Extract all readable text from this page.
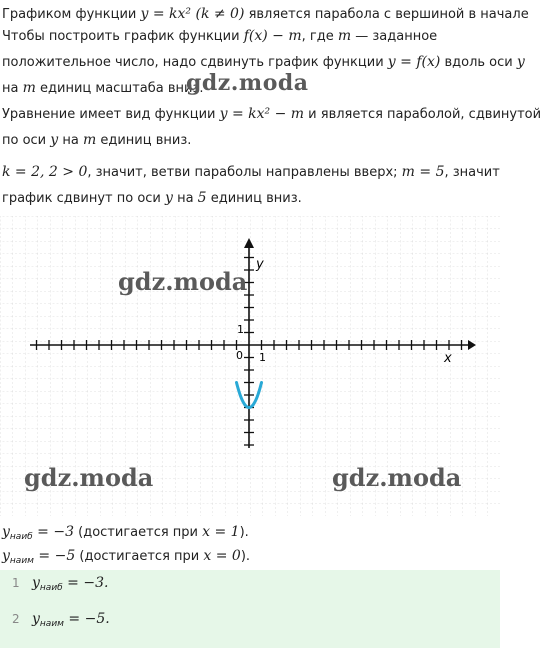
Графиком функции y = kx² (k ≠ 0) является парабола с вершиной в начале
Чтобы построить график функции f(x) − m, где m — заданное
положительное число, надо сдвинуть график функции y = f(x) вдоль оси y
на m единиц масштаба вниз.
gdz.moda
Уравнение имеет вид функции y = kx² − m и является параболой, сдвинутой
по оси y на m единиц вниз.
k = 2, 2 > 0, значит, ветви параболы направлены вверх; m = 5, значит
график сдвинут по оси y на 5 единиц вниз.
y
x
0 1
1
gdz.moda
gdz.moda	gdz.moda
$y_{наиб} = -3$ (достигается при x = 1).
$y_{наим} = -5$ (достигается при x = 0).
1 $y_{наиб} = -3$.
2 $y_{наим} = -5$.
